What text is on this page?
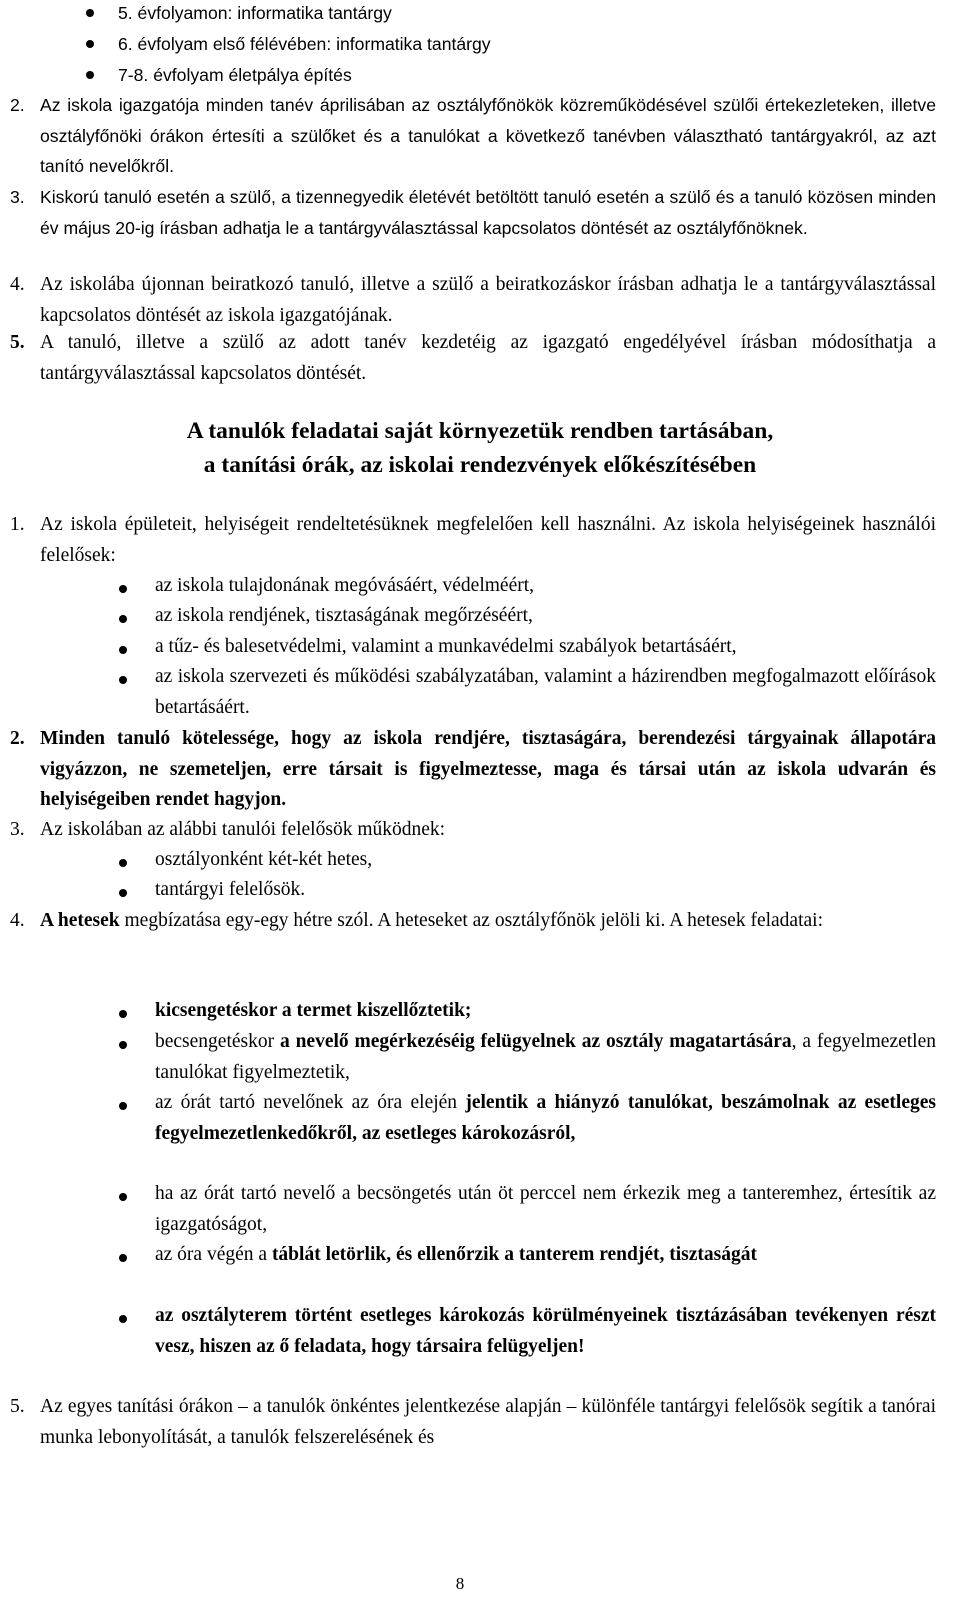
5. évfolyamon: informatika tantárgy
6. évfolyam első félévében: informatika tantárgy
7-8. évfolyam életpálya építés
2. Az iskola igazgatója minden tanév áprilisában az osztályfőnökök közreműködésével szülői értekezleteken, illetve osztályfőnöki órákon értesíti a szülőket és a tanulókat a következő tanévben választható tantárgyakról, az azt tanító nevelőkről.
3. Kiskorú tanuló esetén a szülő, a tizennegyedik életévét betöltött tanuló esetén a szülő és a tanuló közösen minden év május 20-ig írásban adhatja le a tantárgyválasztással kapcsolatos döntését az osztályfőnöknek.
4. Az iskolába újonnan beiratkozó tanuló, illetve a szülő a beiratkozáskor írásban adhatja le a tantárgyválasztással kapcsolatos döntését az iskola igazgatójának.
5. A tanuló, illetve a szülő az adott tanév kezdetéig az igazgató engedélyével írásban módosíthatja a tantárgyválasztással kapcsolatos döntését.
A tanulók feladatai saját környezetük rendben tartásában,
a tanítási órák, az iskolai rendezvények előkészítésében
1. Az iskola épületeit, helyiségeit rendeltetésüknek megfelelően kell használni. Az iskola helyiségeinek használói felelősek:
az iskola tulajdonának megóvásáért, védelméért,
az iskola rendjének, tisztaságának megőrzéséért,
a tűz- és balesetvédelmi, valamint a munkavédelmi szabályok betartásáért,
az iskola szervezeti és működési szabályzatában, valamint a házirendben megfogalmazott előírások betartásáért.
2. Minden tanuló kötelessége, hogy az iskola rendjére, tisztaságára, berendezési tárgyainak állapotára vigyázzon, ne szemeteljen, erre társait is figyelmeztesse, maga és társai után az iskola udvarán és helyiségeiben rendet hagyjon.
3. Az iskolában az alábbi tanulói felelősök működnek:
osztályonként két-két hetes,
tantárgyi felelősök.
4. A hetesek megbízatása egy-egy hétre szól. A heteseket az osztályfőnök jelöli ki. A hetesek feladatai:
kicsengetéskor a termet kiszellőztetik;
becsengetéskor a nevelő megérkezéséig felügyelnek az osztály magatartására, a fegyelmezetlen tanulókat figyelmeztetik,
az órát tartó nevelőnek az óra elején jelentik a hiányzó tanulókat, beszámolnak az esetleges fegyelmezetlenkedőkről, az esetleges károkozásról,
ha az órát tartó nevelő a becsöngetés után öt perccel nem érkezik meg a tanteremhez, értesítik az igazgatóságot,
az óra végén a táblát letörlik, és ellenőrzik a tanterem rendjét, tisztaságát
az osztályterem történt esetleges károkozás körülményeinek tisztázásában tevékenyen részt vesz, hiszen az ő feladata, hogy társaira felügyeljen!
5. Az egyes tanítási órákon – a tanulók önkéntes jelentkezése alapján – különféle tantárgyi felelősök segítik a tanórai munka lebonyolítását, a tanulók felszerelésének és
8
